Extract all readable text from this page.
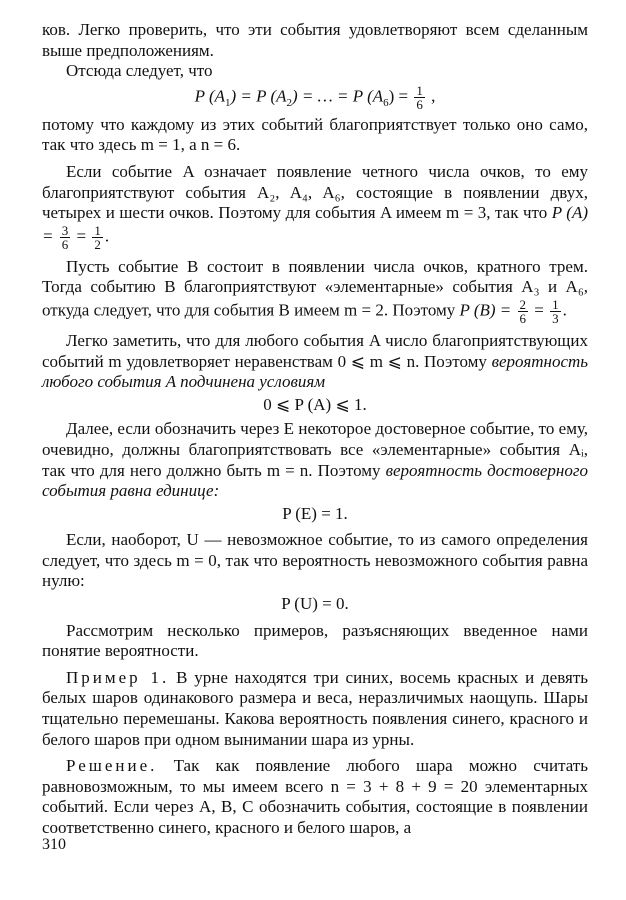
ков. Легко проверить, что эти события удовлетворяют всем сделанным выше предположениям.

Отсюда следует, что

P $(A_1) = P$ $(A_2)$ = … = P $(A_6) = \frac{1}{6}$ ,

потому что каждому из этих событий благоприятствует только оно само, так что здесь m = 1, а n = 6.

Если событие A означает появление четного числа очков, то ему благоприятствуют события A₂, A₄, A₆, состоящие в появлении двух, четырех и шести очков. Поэтому для события A имеем m = 3, так что P $(A) = \frac{3}{6} = \frac{1}{2}$ .

Пусть событие B состоит в появлении числа очков, кратного трем. Тогда событию B благоприятствуют «элементарные» события A₃ и A₆, откуда следует, что для события B имеем m = 2. Поэтому P $(B) = \frac{2}{6} = \frac{1}{3}$ .

Легко заметить, что для любого события A число благоприятствующих событий m удовлетворяет неравенствам 0 ⩽ m ⩽ n. Поэтому вероятность любого события A подчинена условиям

0 ⩽ P (A) ⩽ 1.

Далее, если обозначить через E некоторое достоверное событие, то ему, очевидно, должны благоприятствовать все «элементарные» события Aᵢ, так что для него должно быть m = n. Поэтому вероятность достоверного события равна единице:

P (E) = 1.

Если, наоборот, U — невозможное событие, то из самого определения следует, что здесь m = 0, так что вероятность невозможного события равна нулю:

P (U) = 0.

Рассмотрим несколько примеров, разъясняющих введенное нами понятие вероятности.

Пример 1. В урне находятся три синих, восемь красных и девять белых шаров одинакового размера и веса, неразличимых наощупь. Шары тщательно перемешаны. Какова вероятность появления синего, красного и белого шаров при одном вынимании шара из урны.

Решение. Так как появление любого шара можно считать равновозможным, то мы имеем всего n = 3 + 8 + 9 = 20 элементарных событий. Если через A, B, C обозначить события, состоящие в появлении соответственно синего, красного и белого шаров, а

310
